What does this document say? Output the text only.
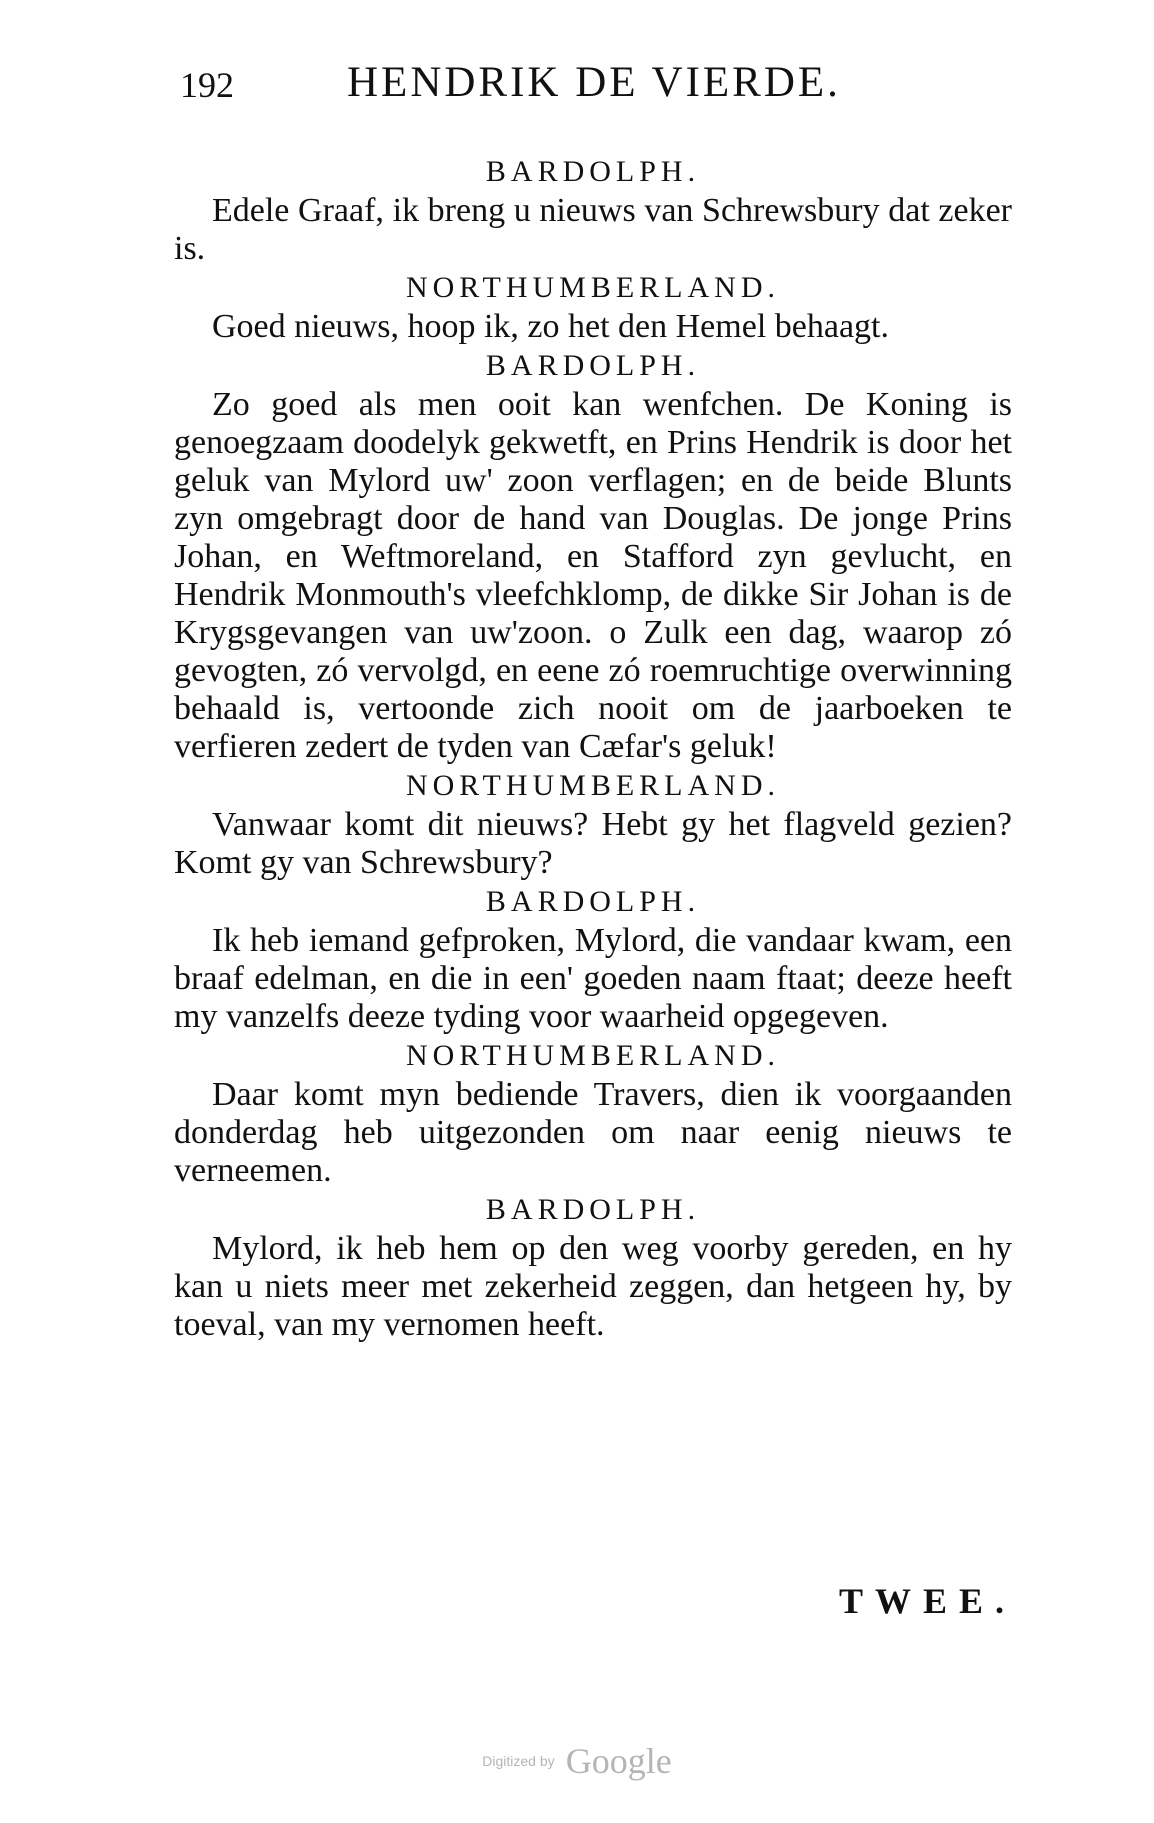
192	HENDRIK DE VIERDE.
BARDOLPH.
Edele Graaf, ik breng u nieuws van Schrewsbury dat zeker is.
NORTHUMBERLAND.
Goed nieuws, hoop ik, zo het den Hemel behaagt.
BARDOLPH.
Zo goed als men ooit kan wenfchen. De Koning is genoegzaam doodelyk gekwetft, en Prins Hendrik is door het geluk van Mylord uw' zoon verflagen; en de beide Blunts zyn omgebragt door de hand van Douglas. De jonge Prins Johan, en Weftmoreland, en Stafford zyn gevlucht, en Hendrik Monmouth's vleefchklomp, de dikke Sir Johan is de Krygsgevangen van uw'zoon. o Zulk een dag, waarop zó gevogten, zó vervolgd, en eene zó roemruchtige overwinning behaald is, vertoonde zich nooit om de jaarboeken te verfieren zedert de tyden van Cæfar's geluk!
NORTHUMBERLAND.
Vanwaar komt dit nieuws? Hebt gy het flagveld gezien? Komt gy van Schrewsbury?
BARDOLPH.
Ik heb iemand gefproken, Mylord, die vandaar kwam, een braaf edelman, en die in een' goeden naam ftaat; deeze heeft my vanzelfs deeze tyding voor waarheid opgegeven.
NORTHUMBERLAND.
Daar komt myn bediende Travers, dien ik voorgaanden donderdag heb uitgezonden om naar eenig nieuws te verneemen.
BARDOLPH.
Mylord, ik heb hem op den weg voorby gereden, en hy kan u niets meer met zekerheid zeggen, dan hetgeen hy, by toeval, van my vernomen heeft.
TWEE.
Digitized by Google
